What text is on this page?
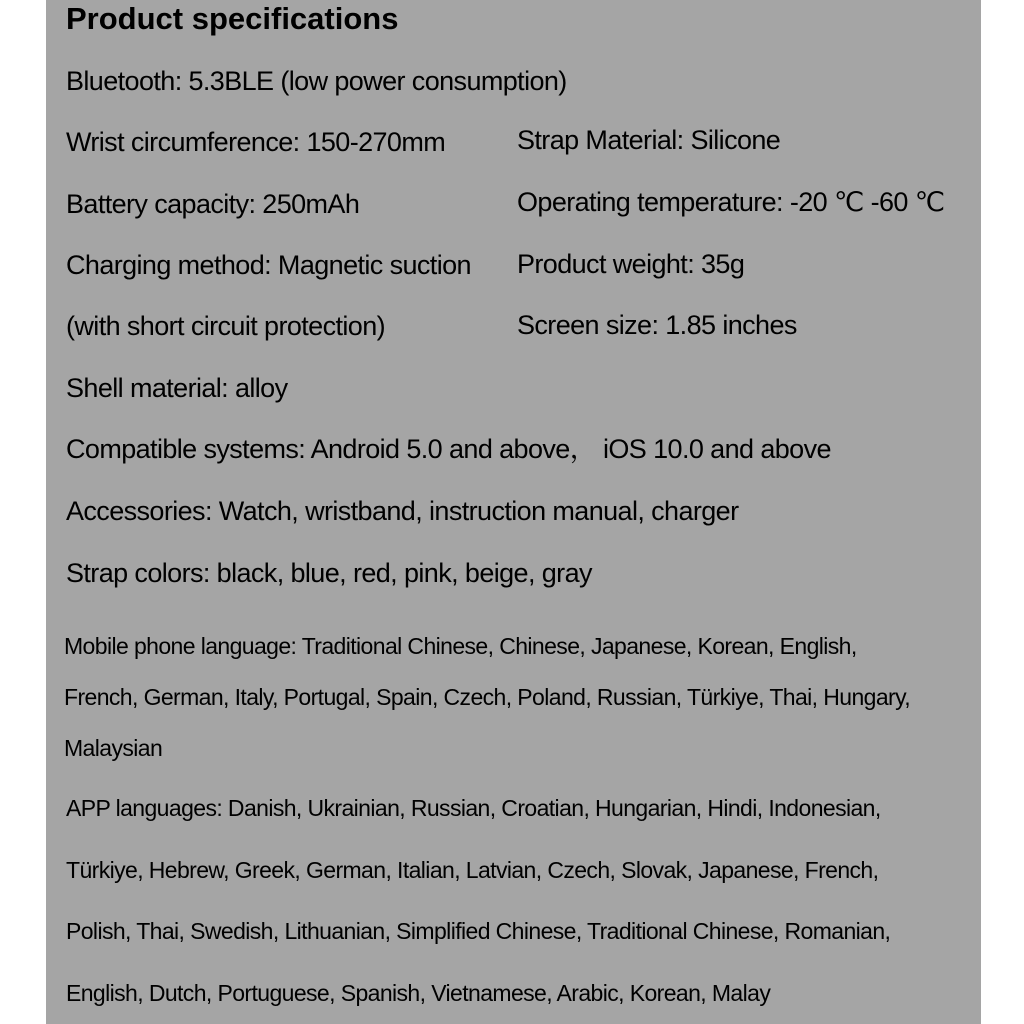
Product specifications
Bluetooth: 5.3BLE (low power consumption)
Wrist circumference: 150-270mm	Strap Material: Silicone
Battery capacity: 250mAh	Operating temperature: -20 ℃ -60 ℃
Charging method: Magnetic suction Product weight: 35g
(with short circuit protection)	Screen size: 1.85 inches
Shell material: alloy
Compatible systems: Android 5.0 and above， iOS 10.0 and above
Accessories: Watch, wristband, instruction manual, charger
Strap colors: black, blue, red, pink, beige, gray
Mobile phone language: Traditional Chinese, Chinese, Japanese, Korean, English,
French, German, Italy, Portugal, Spain, Czech, Poland, Russian, Türkiye, Thai, Hungary,
Malaysian
APP languages: Danish, Ukrainian, Russian, Croatian, Hungarian, Hindi, Indonesian,
Türkiye, Hebrew, Greek, German, Italian, Latvian, Czech, Slovak, Japanese, French,
Polish, Thai, Swedish, Lithuanian, Simplified Chinese, Traditional Chinese, Romanian,
English, Dutch, Portuguese, Spanish, Vietnamese, Arabic, Korean, Malay
